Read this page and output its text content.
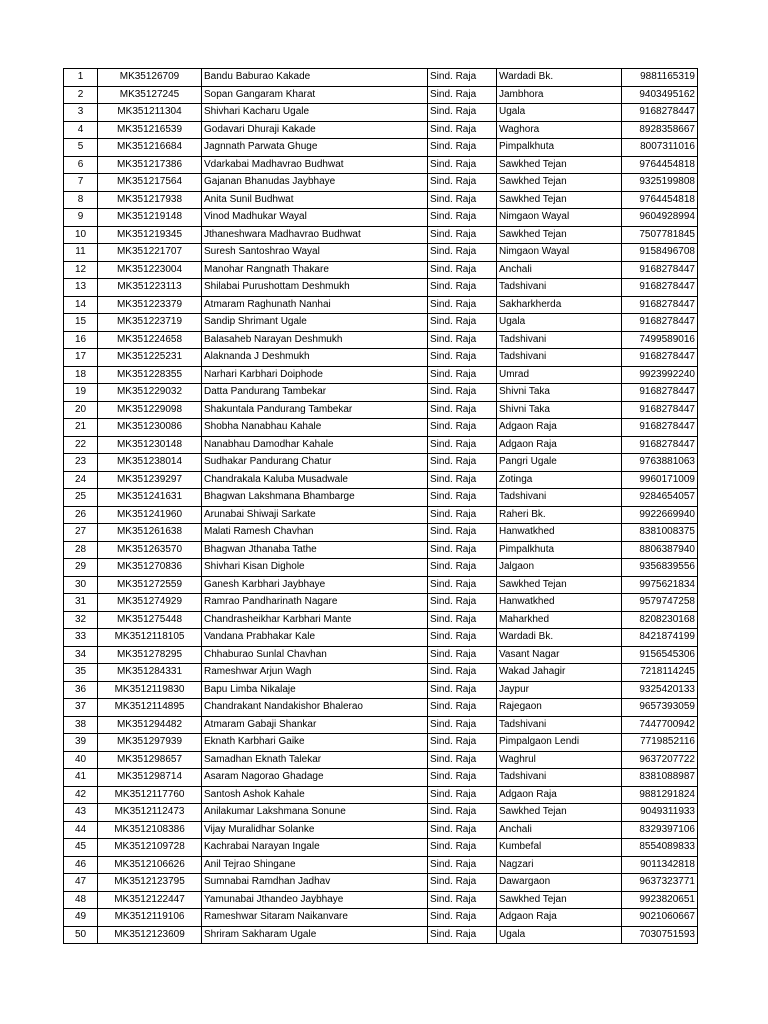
1	MK35126709	Bandu Baburao Kakade	Sind. Raja	Wardadi Bk.	9881165319
2	MK35127245	Sopan Gangaram Kharat	Sind. Raja	Jambhora	9403495162
3	MK351211304	Shivhari Kacharu Ugale	Sind. Raja	Ugala	9168278447
4	MK351216539	Godavari Dhuraji Kakade	Sind. Raja	Waghora	8928358667
5	MK351216684	Jagnnath Parwata Ghuge	Sind. Raja	Pimpalkhuta	8007311016
6	MK351217386	Vdarkabai Madhavrao Budhwat	Sind. Raja	Sawkhed Tejan	9764454818
7	MK351217564	Gajanan Bhanudas Jaybhaye	Sind. Raja	Sawkhed Tejan	9325199808
8	MK351217938	Anita Sunil Budhwat	Sind. Raja	Sawkhed Tejan	9764454818
9	MK351219148	Vinod Madhukar Wayal	Sind. Raja	Nimgaon Wayal	9604928994
10	MK351219345	Jthaneshwara Madhavrao Budhwat	Sind. Raja	Sawkhed Tejan	7507781845
11	MK351221707	Suresh Santoshrao Wayal	Sind. Raja	Nimgaon Wayal	9158496708
12	MK351223004	Manohar Rangnath Thakare	Sind. Raja	Anchali	9168278447
13	MK351223113	Shilabai Purushottam Deshmukh	Sind. Raja	Tadshivani	9168278447
14	MK351223379	Atmaram Raghunath Nanhai	Sind. Raja	Sakharkherda	9168278447
15	MK351223719	Sandip Shrimant Ugale	Sind. Raja	Ugala	9168278447
16	MK351224658	Balasaheb Narayan Deshmukh	Sind. Raja	Tadshivani	7499589016
17	MK351225231	Alaknanda J Deshmukh	Sind. Raja	Tadshivani	9168278447
18	MK351228355	Narhari Karbhari Doiphode	Sind. Raja	Umrad	9923992240
19	MK351229032	Datta Pandurang Tambekar	Sind. Raja	Shivni Taka	9168278447
20	MK351229098	Shakuntala Pandurang Tambekar	Sind. Raja	Shivni Taka	9168278447
21	MK351230086	Shobha Nanabhau Kahale	Sind. Raja	Adgaon Raja	9168278447
22	MK351230148	Nanabhau Damodhar Kahale	Sind. Raja	Adgaon Raja	9168278447
23	MK351238014	Sudhakar Pandurang Chatur	Sind. Raja	Pangri Ugale	9763881063
24	MK351239297	Chandrakala Kaluba Musadwale	Sind. Raja	Zotinga	9960171009
25	MK351241631	Bhagwan Lakshmana Bhambarge	Sind. Raja	Tadshivani	9284654057
26	MK351241960	Arunabai Shiwaji Sarkate	Sind. Raja	Raheri Bk.	9922669940
27	MK351261638	Malati Ramesh Chavhan	Sind. Raja	Hanwatkhed	8381008375
28	MK351263570	Bhagwan Jthanaba Tathe	Sind. Raja	Pimpalkhuta	8806387940
29	MK351270836	Shivhari Kisan Dighole	Sind. Raja	Jalgaon	9356839556
30	MK351272559	Ganesh Karbhari Jaybhaye	Sind. Raja	Sawkhed Tejan	9975621834
31	MK351274929	Ramrao Pandharinath Nagare	Sind. Raja	Hanwatkhed	9579747258
32	MK351275448	Chandrasheikhar Karbhari Mante	Sind. Raja	Maharkhed	8208230168
33	MK3512118105	Vandana Prabhakar Kale	Sind. Raja	Wardadi Bk.	8421874199
34	MK351278295	Chhaburao Sunlal Chavhan	Sind. Raja	Vasant Nagar	9156545306
35	MK351284331	Rameshwar Arjun Wagh	Sind. Raja	Wakad Jahagir	7218114245
36	MK3512119830	Bapu Limba Nikalaje	Sind. Raja	Jaypur	9325420133
37	MK3512114895	Chandrakant Nandakishor Bhalerao	Sind. Raja	Rajegaon	9657393059
38	MK351294482	Atmaram Gabaji Shankar	Sind. Raja	Tadshivani	7447700942
39	MK351297939	Eknath Karbhari Gaike	Sind. Raja	Pimpalgaon Lendi	7719852116
40	MK351298657	Samadhan Eknath Talekar	Sind. Raja	Waghrul	9637207722
41	MK351298714	Asaram Nagorao Ghadage	Sind. Raja	Tadshivani	8381088987
42	MK3512117760	Santosh Ashok Kahale	Sind. Raja	Adgaon Raja	9881291824
43	MK3512112473	Anilakumar Lakshmana Sonune	Sind. Raja	Sawkhed Tejan	9049311933
44	MK3512108386	Vijay Muralidhar Solanke	Sind. Raja	Anchali	8329397106
45	MK3512109728	Kachrabai Narayan Ingale	Sind. Raja	Kumbefal	8554089833
46	MK3512106626	Anil Tejrao Shingane	Sind. Raja	Nagzari	9011342818
47	MK3512123795	Sumnabai Ramdhan Jadhav	Sind. Raja	Dawargaon	9637323771
48	MK3512122447	Yamunabai Jthandeo Jaybhaye	Sind. Raja	Sawkhed Tejan	9923820651
49	MK3512119106	Rameshwar Sitaram Naikanvare	Sind. Raja	Adgaon Raja	9021060667
50	MK3512123609	Shriram Sakharam Ugale	Sind. Raja	Ugala	7030751593
